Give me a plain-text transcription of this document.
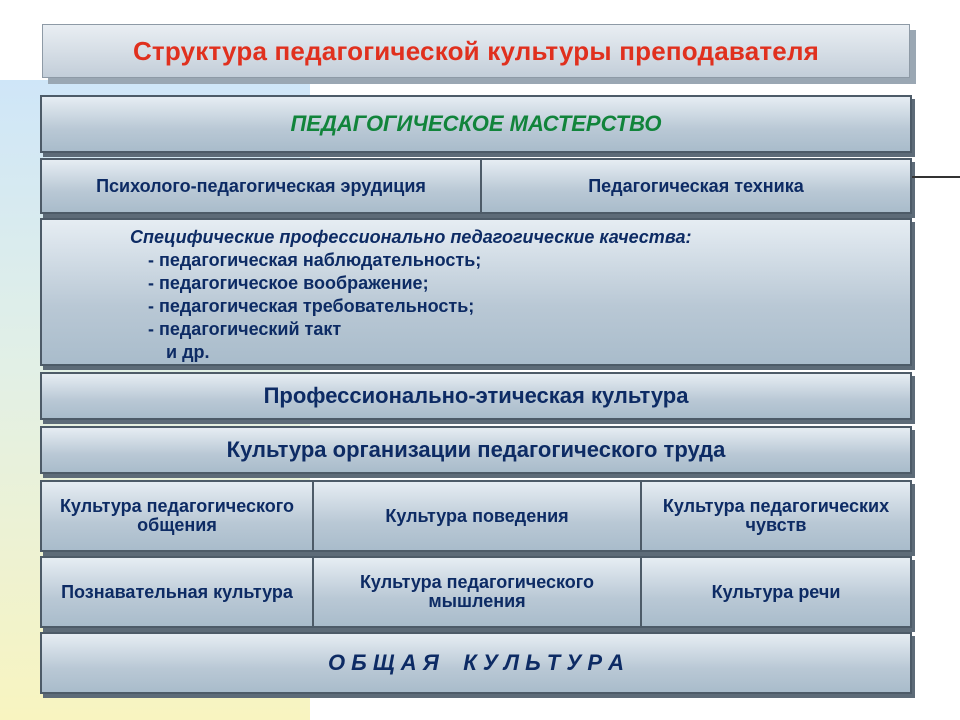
Структура педагогической культуры преподавателя
ПЕДАГОГИЧЕСКОЕ МАСТЕРСТВО
Психолого-педагогическая эрудиция	Педагогическая техника
Специфические профессионально педагогические качества:
- педагогическая наблюдательность;
- педагогическое воображение;
- педагогическая требовательность;
- педагогический такт
и др.
Профессионально-этическая культура
Культура организации педагогического труда
Культура педагогического общения	Культура поведения	Культура педагогических чувств
Познавательная культура	Культура педагогического мышления	Культура речи
О Б Щ А Я    К У Л Ь Т У Р А
